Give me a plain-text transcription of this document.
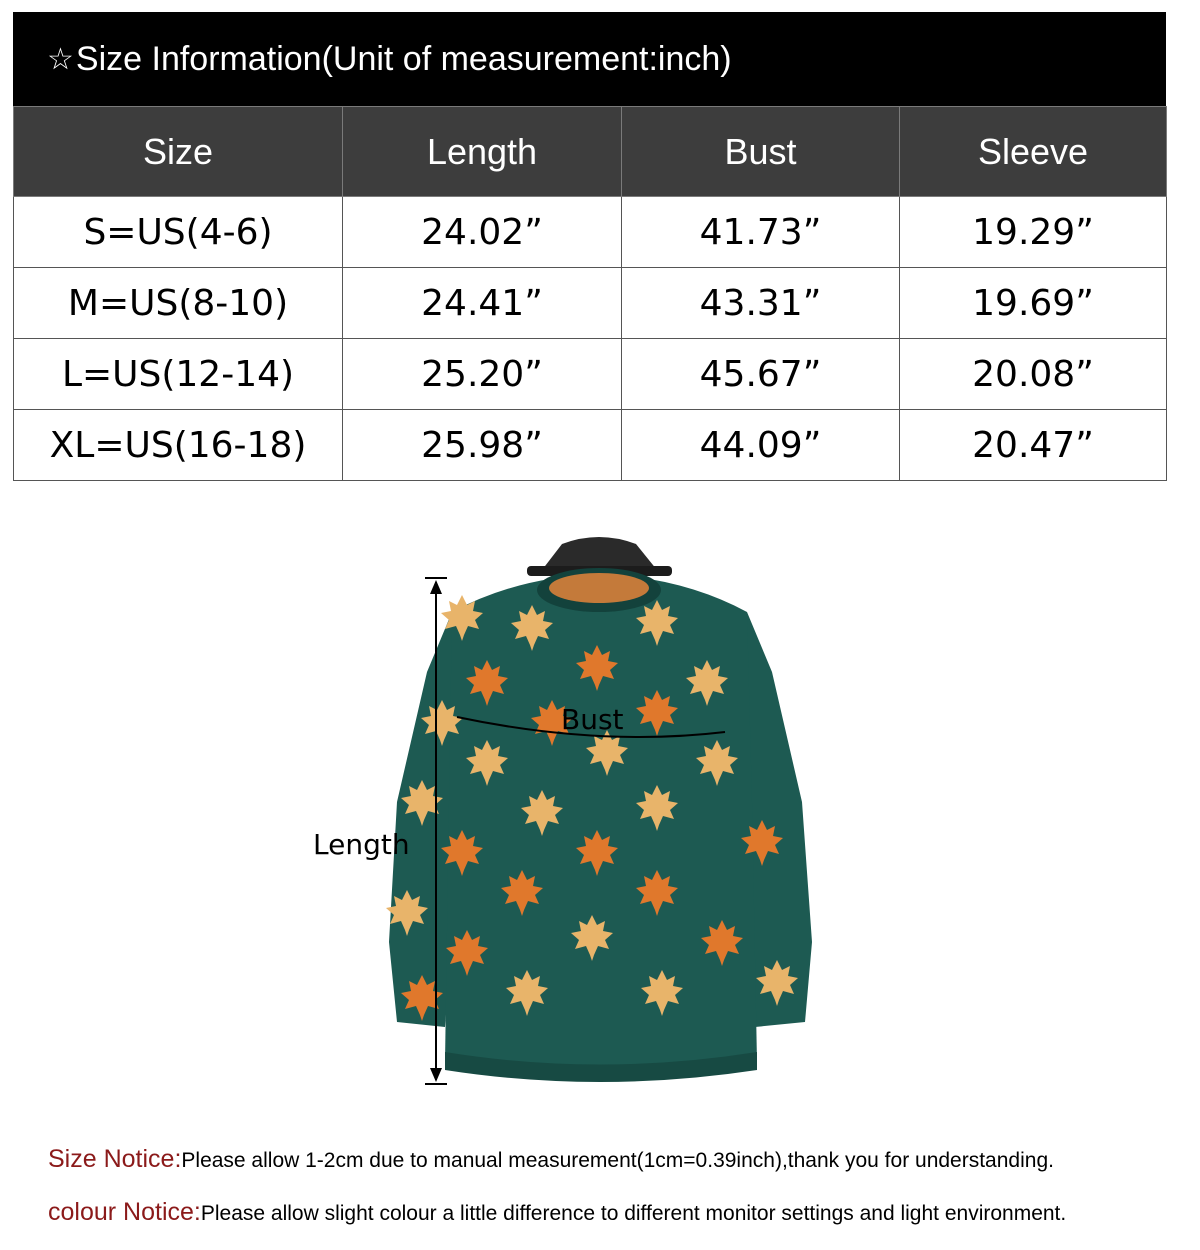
☆ Size Information(Unit of measurement:inch)
Size	Length	Bust	Sleeve
S=US(4-6)	24.02”	41.73”	19.29”
M=US(8-10)	24.41”	43.31”	19.69”
L=US(12-14)	25.20”	45.67”	20.08”
XL=US(16-18)	25.98”	44.09”	20.47”
Bust
Length
Size Notice:Please allow 1-2cm due to manual measurement(1cm=0.39inch),thank you for understanding.
colour Notice:Please allow slight colour a little difference to different monitor settings and light environment.
